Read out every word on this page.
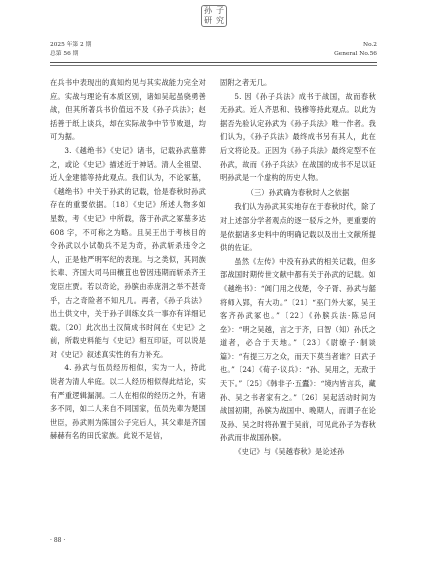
2025 年第 2 期
总第 56 期
孙 子
研 究
No.2
General No.56

在兵书中表现出的真知灼见与其实战能力完全对应。实战与理论有本质区别，诸如吴起虽骁勇善战，但其所著兵书价值远不及《孙子兵法》；赵括善于纸上谈兵，却在实际战争中节节败退，均可为据。

3.《越绝书》《史记》诸书，记载孙武墓葬之，或论《史记》描述近于神话。清人全祖望、近人金建德等持此观点。我们认为，不论冢墓，《越绝书》中关于孙武的记载，恰是春秋时孙武存在的重要依据。〔18〕《史记》所述人物多如星数，考《史记》中所载，落于孙武之冢墓多达 608 字，不可称之为略。且吴王出于考核目的令孙武以小试勒兵不足为奇，孙武斩杀违令之人，正是他严明军纪的表现。与之类似，其同族长辈、齐国大司马田穰苴也曾因违期而斩杀齐王宠臣庄贾。若以奇论，孙膑由赤庞涓之举不甚奇乎，古之奇险者不知凡几。再者，《孙子兵法》出土供文中，关于孙子训练女兵一事亦有详细记载。〔20〕此次出土汉简成书时间在《史记》之前，所载史料能与《史记》相互印证，可以说是对《史记》叙述真实性的有力补充。

4. 孙武与伍员经历相似，实为一人，持此说者为清人牟庭。以二人经历相似得此结论，实有严重逻辑漏洞。二人在相似的经历之外，有诸多不同，如二人来自不同国家，伍员先辈为楚国世臣，孙武则为陈国公子完后人，其父辈是齐国赫赫有名的田氏家族。此说不足信，

固附之者无几。

5. 因《孙子兵法》成书于战国，故而春秋无孙武。近人齐思和、钱穆等持此观点。以此为据否先验认定孙武为《孙子兵法》唯一作者。我们认为，《孙子兵法》最终成书另有其人，此在后文将论及。正因为《孙子兵法》最终定型不在孙武，故而《孙子兵法》在战国的成书不足以证明孙武是一个虚构的历史人物。

（三）孙武确为春秋时人之依据

我们认为孙武其实地存在于春秋时代，除了对上述部分学者观点的逐一驳斥之外，更重要的是依据诸多史料中的明确记载以及出土文献所提供的佐证。

虽然《左传》中没有孙武的相关记载，但多部战国时期传世文献中都有关于孙武的记载。如《越绝书》：“阊门用之伐楚，令子胥、孙武与嚭将师入郢，有大功。”〔21〕“巫门外大冢，吴王客齐孙武冢也。”〔22〕《孙膑兵法·陈忌问垒》：“明之吴越，言之于齐，曰智（知）孙氏之道者，必合于天地。”〔23〕《尉缭子·制谈篇》：“有提三万之众，而天下莫当者谁？曰武子也。”〔24〕《荀子·议兵》：“孙、吴用之，无敌于天下。”〔25〕《韩非子·五蠹》：“境内皆言兵，藏孙、吴之书者家有之。”〔26〕吴起活动时间为战国初期，孙膑为战国中、晚期人，而谓子在论及孙、吴之时将孙置于吴前，可见此孙子为春秋孙武而非战国孙膑。

《史记》与《吴越春秋》是论述孙

· 88 ·
